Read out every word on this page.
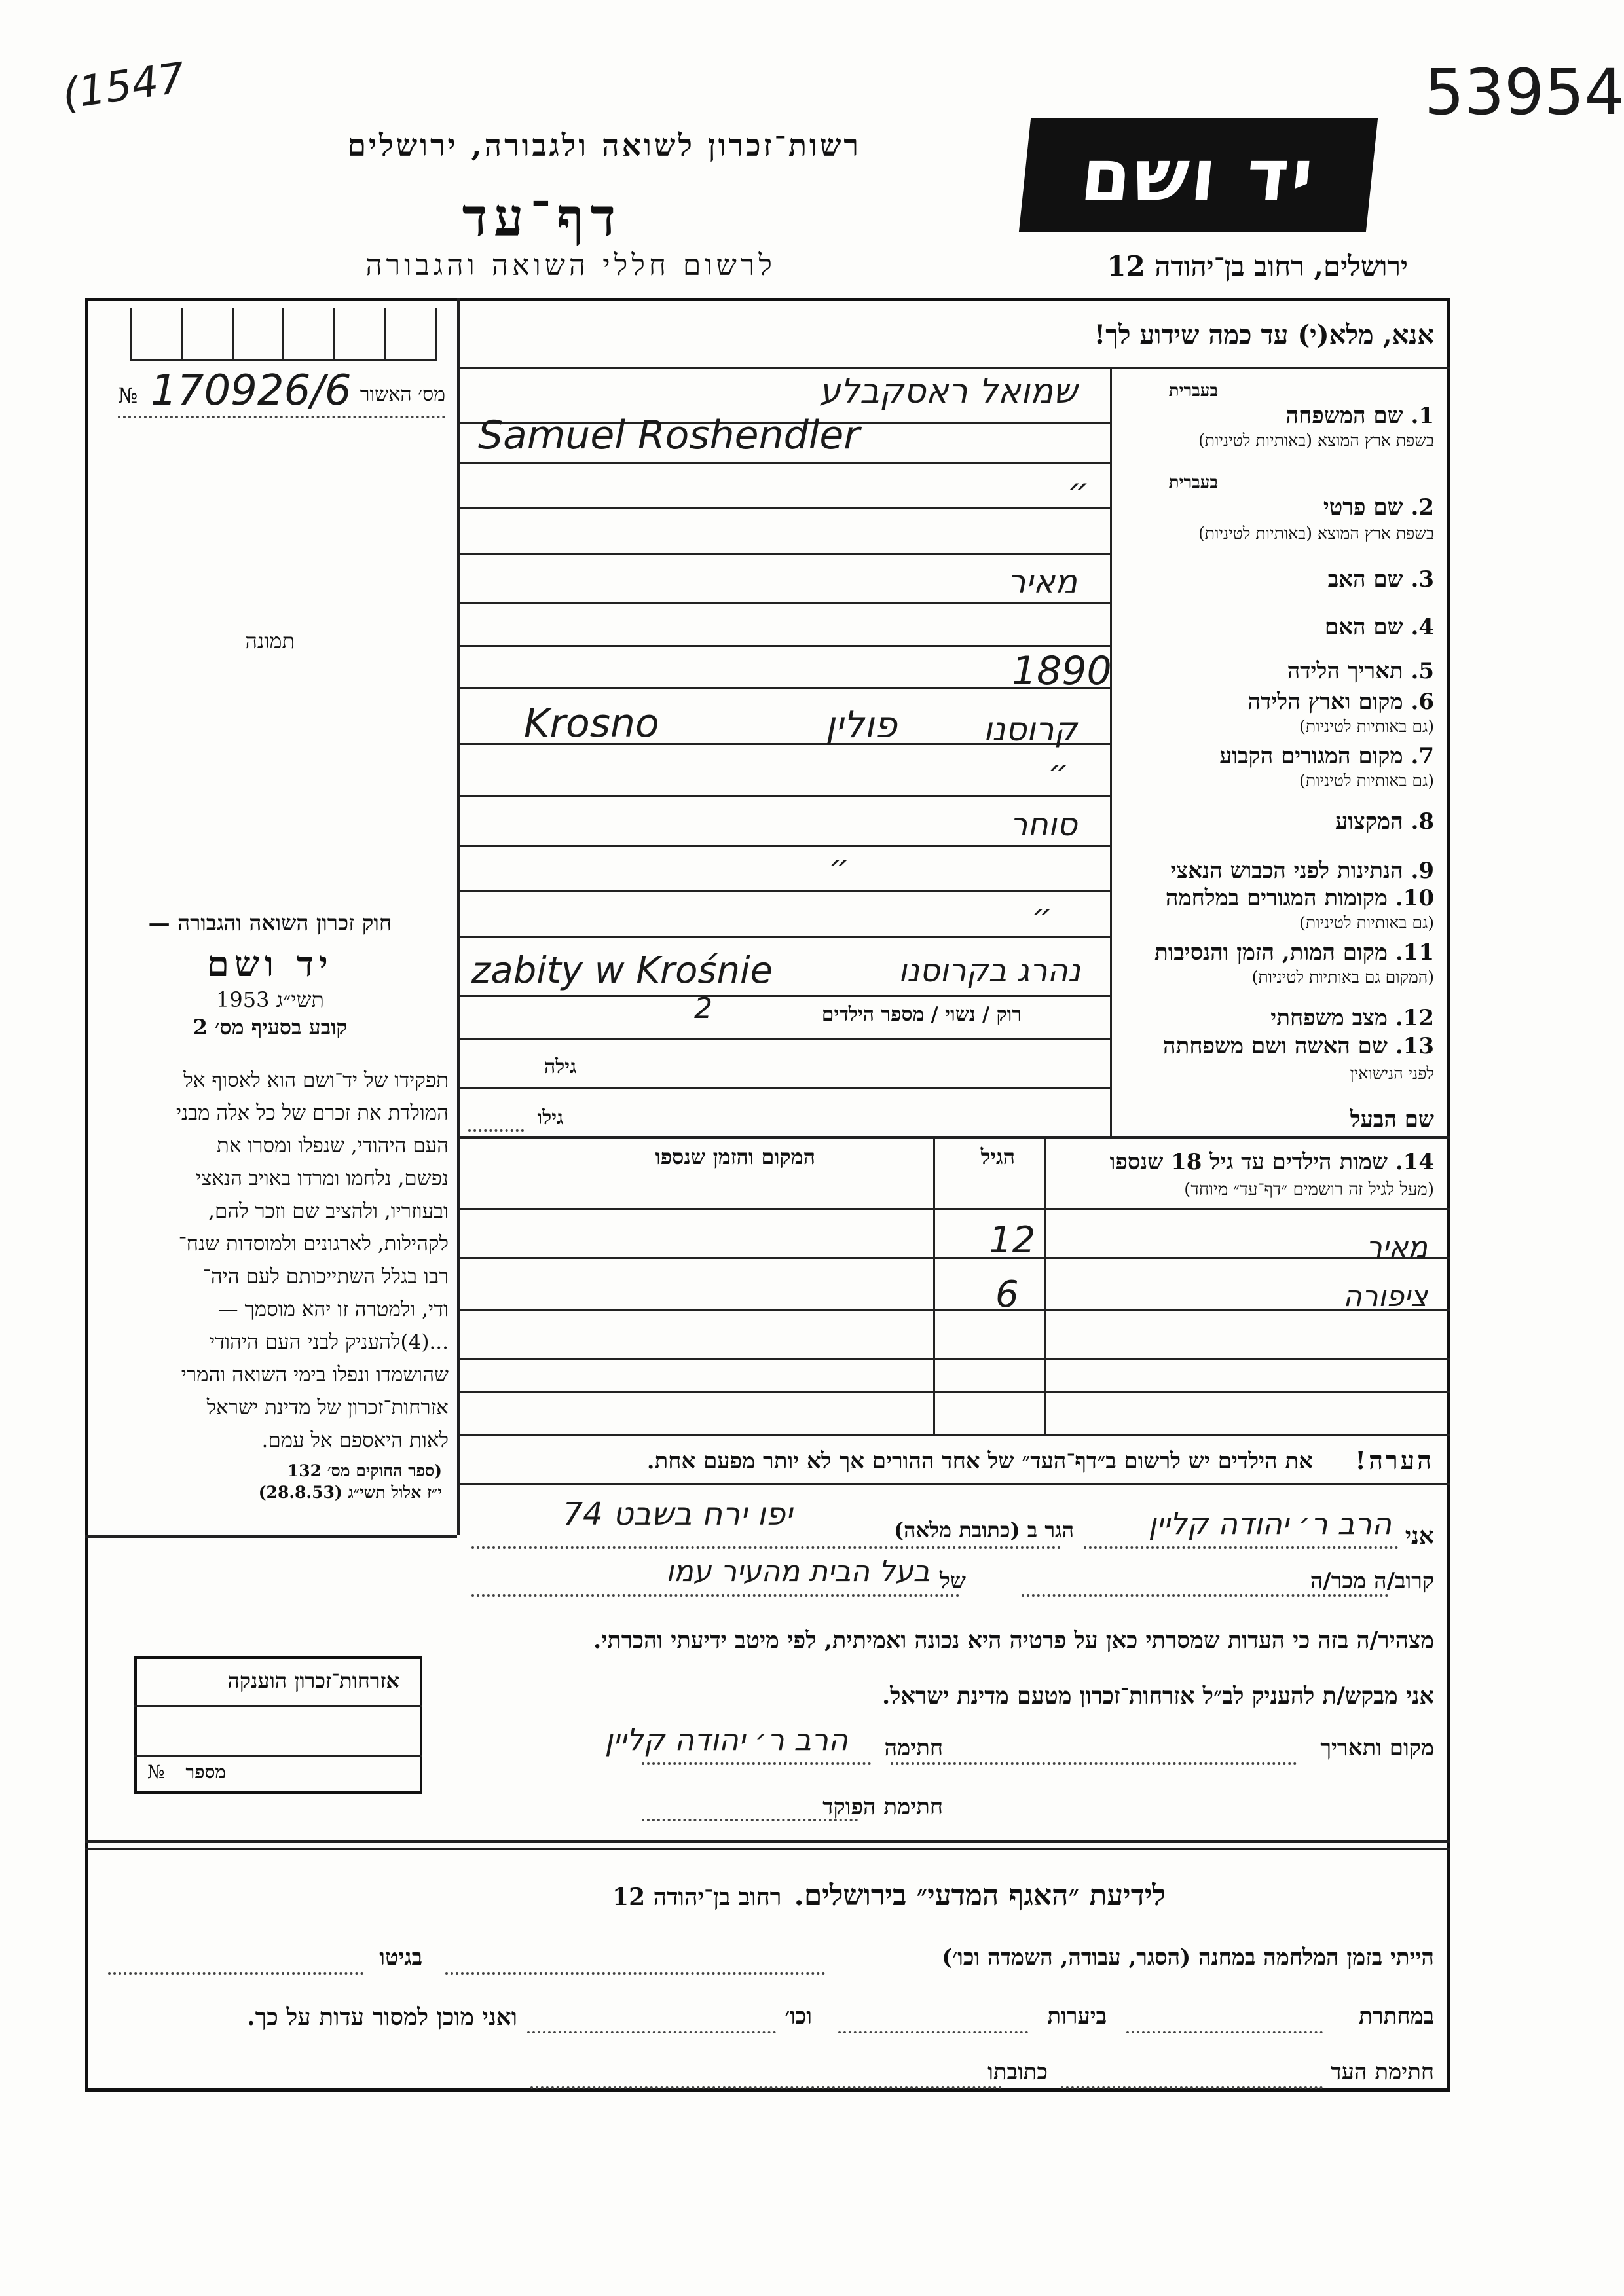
(1547	53954
יד ושם
רשות־זכרון לשואה ולגבורה, ירושלים
דף־עד
לרשום חללי השואה והגבורה	ירושלים, רחוב בן־יהודה 12
№ 170926/6 מס׳ האשור
תמונה
אנא, מלא(י) עד כמה שידוע לך!
בעברית
1. שם המשפחה
בשפת ארץ המוצא (באותיות לטיניות)
שמואל ראסקבלע
Samuel Roshendler
בעברית
2. שם פרטי
בשפת ארץ המוצא (באותיות לטיניות)
״
3. שם האב
מאיר
4. שם האם
5. תאריך הלידה
1890
6. מקום וארץ הלידה
(גם באותיות לטיניות)
קרוסנו
פולין
Krosno
7. מקום המגורים הקבוע
(גם באותיות לטיניות)
״
8. המקצוע
סוחר
9. הנתינות לפני הכבוש הנאצי
״
10. מקומות המגורים במלחמה
(גם באותיות לטיניות)
״
11. מקום המות, הזמן והנסיבות
(המקום גם באותיות לטיניות)
נהרג בקרוסנו
zabity w Krośnie
12. מצב משפחתי
רוק / נשוי / מספר הילדים
2
13. שם האשה ושם משפחתה
לפני הנישואין
גילה
שם הבעל
גילו
14. שמות הילדים עד גיל 18 שנספו
(מעל לגיל זה רושמים ״דף־עד״ מיוחד)
הגיל
המקום והזמן שנספו
מאיר
12
ציפורה
6
הערה!
את הילדים יש לרשום ב״דף־העד״ של אחד ההורים אך לא יותר מפעם אחת.
אני
הרב ר׳ יהודה קליין
הגר ב (כתובת מלאה)
יפו ירח בשבט 74
קרוב/ה מכר/ה
של
בעל הבית מהעיר עמו
מצהיר/ה בזה כי העדות שמסרתי כאן על פרטיה היא נכונה ואמיתית, לפי מיטב ידיעתי והכרתי.
אני מבקש/ת להעניק לב״ל אזרחות־זכרון מטעם מדינת ישראל.
מקום ותאריך
חתימה
הרב ר׳ יהודה קליין
חתימת הפוקד

חוק זכרון השואה והגבורה —

יד ושם

תשי״ג 1953

קובע בסעיף מס׳ 2

תפקידו של יד־ושם הוא לאסוף אל

המולדת את זכרם של כל אלה מבני

העם היהודי, שנפלו ומסרו את

נפשם, נלחמו ומרדו באויב הנאצי

ובעוזריו, ולהציב שם וזכר להם,

לקהילות, לארגונים ולמוסדות שנח־

רבו בגלל השתייכותם לעם היה־

ודי, ולמטרה זו יהא מוסמך —

...(4)להעניק לבני העם היהודי

שהושמדו ונפלו בימי השואה והמרי

אזרחות־זכרון של מדינת ישראל

לאות היאספם אל עמם.

(ספר החוקים מס׳ 132
י״ז אלול תשי״ג (28.8.53)
אזרחות־זכרון הוענקה
מספר
№
לידיעת ״האגף המדעי״ בירושלים. רחוב בן־יהודה 12
הייתי בזמן המלחמה במחנה (הסגר, עבודה, השמדה וכו׳)
בגיטו
במחתרת
ביערות
וכו׳
ואני מוכן למסור עדות על כך.
חתימת העד
כתובתו
